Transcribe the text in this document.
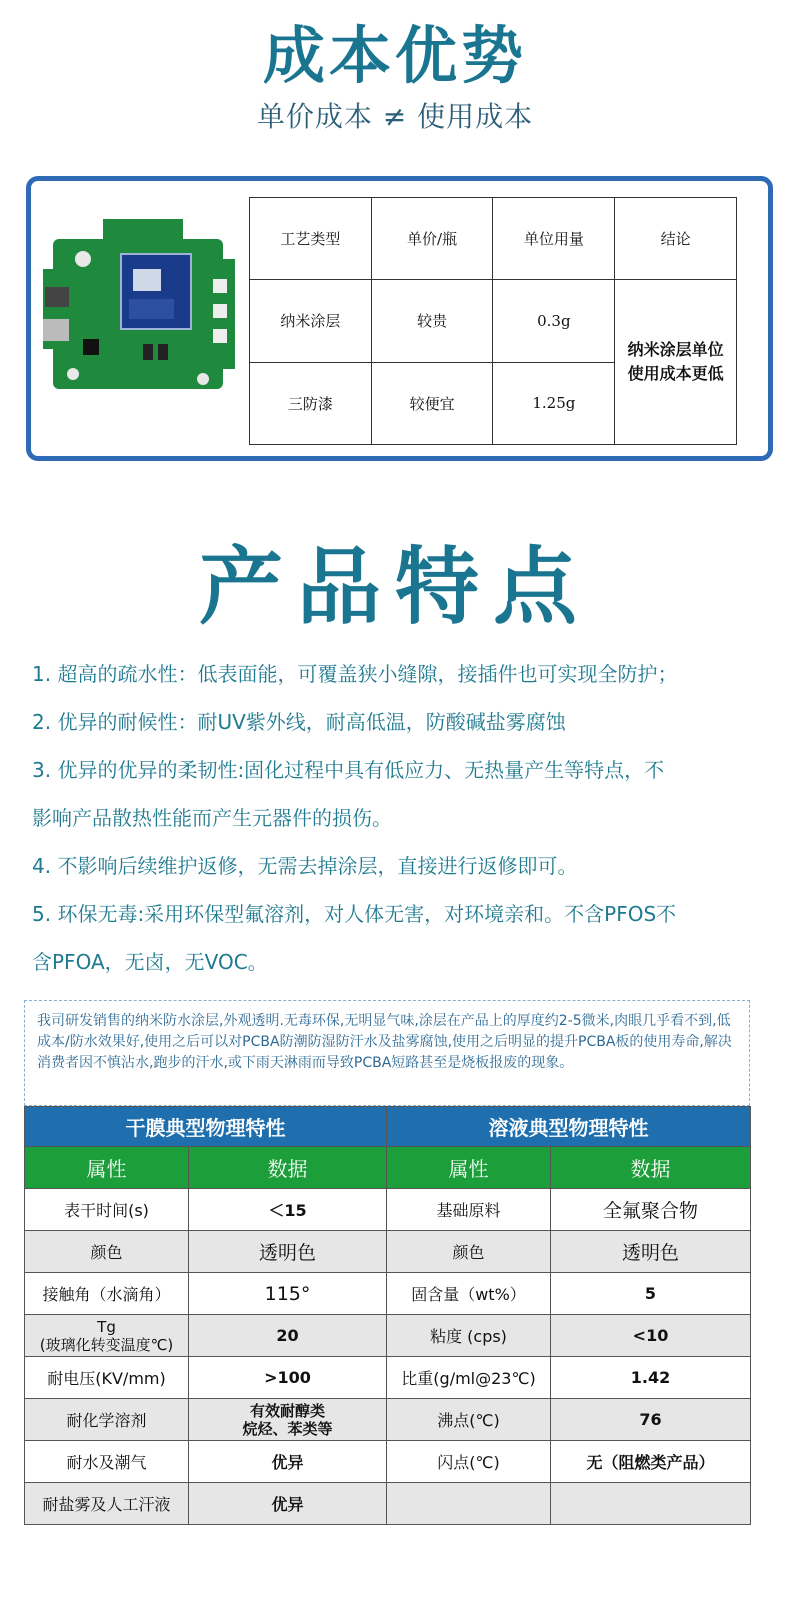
成本优势
单价成本 ≠ 使用成本
工艺类型	单价/瓶	单位用量	结论
纳米涂层	较贵	0.3g	纳米涂层单位
使用成本更低

三防漆	较便宜	1.25g	
产品特点

1. 超高的疏水性：低表面能，可覆盖狭小缝隙，接插件也可实现全防护；

2. 优异的耐候性：耐UV紫外线，耐高低温，防酸碱盐雾腐蚀

3. 优异的优异的柔韧性:固化过程中具有低应力、无热量产生等特点，不

影响产品散热性能而产生元器件的损伤。

4. 不影响后续维护返修，无需去掉涂层，直接进行返修即可。

5. 环保无毒:采用环保型氟溶剂，对人体无害，对环境亲和。不含PFOS不

含PFOA，无卤，无VOC。

我司研发销售的纳米防水涂层,外观透明.无毒环保,无明显气味,涂层在产品上的厚度约2-5微米,肉眼几乎看不到,低成本/防水效果好,使用之后可以对PCBA防潮防湿防汗水及盐雾腐蚀,使用之后明显的提升PCBA板的使用寿命,解决消费者因不慎沾水,跑步的汗水,或下雨天淋雨而导致PCBA短路甚至是烧板报废的现象。
干膜典型物理特性		溶液典型物理特性	
属性	数据	属性	数据
表干时间(s)	＜15	基础原料	全氟聚合物
颜色	透明色	颜色	透明色
接触角（水滴角）	115°	固含量（wt%）	5
Tg
(玻璃化转变温度℃)	20	粘度 (cps)	<10
耐电压(KV/mm)	>100	比重(g/ml@23℃)	1.42
耐化学溶剂	有效耐醇类
烷烃、苯类等	沸点(℃)	76
耐水及潮气	优异	闪点(℃)	无（阻燃类产品）
耐盐雾及人工汗液	优异		
